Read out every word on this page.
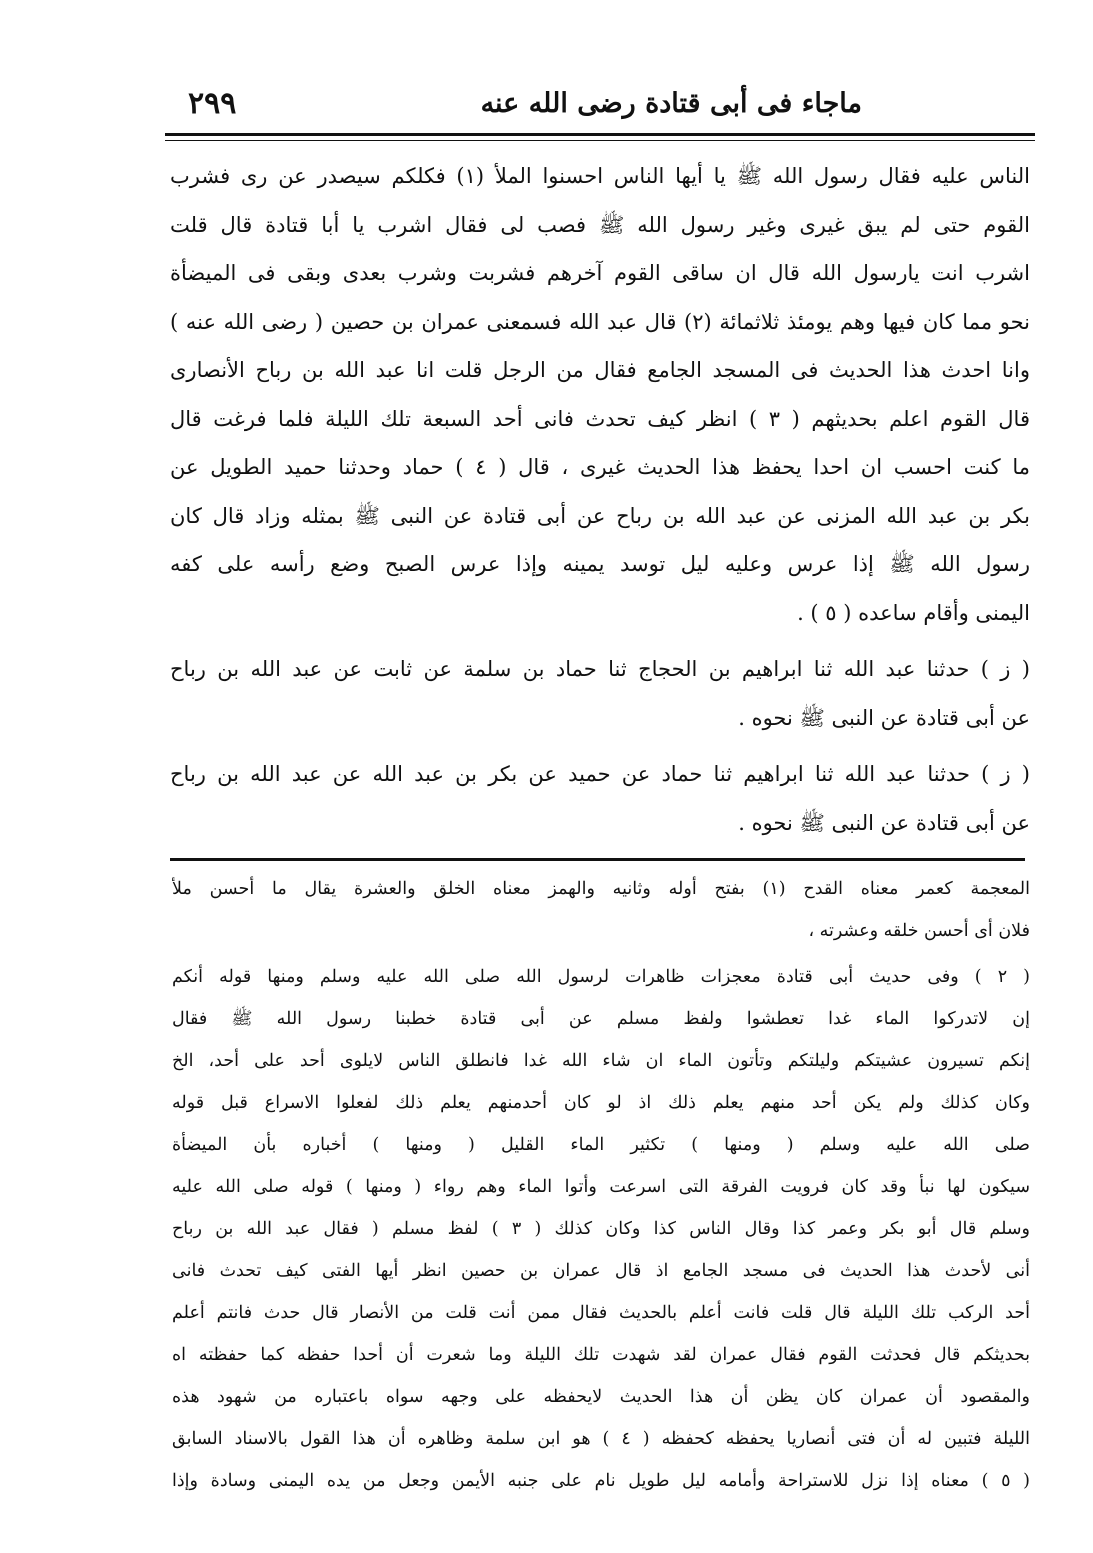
ماجاء فى أبى قتادة رضى الله عنه
٢٩٩
الناس عليه فقال رسول الله ﷺ يا أيها الناس احسنوا الملأ (١) فكلكم سيصدر عن رى فشرب
القوم حتى لم يبق غيرى وغير رسول الله ﷺ فصب لى فقال اشرب يا أبا قتادة قال قلت
اشرب انت يارسول الله قال ان ساقى القوم آخرهم فشربت وشرب بعدى وبقى فى الميضأة
نحو مما كان فيها وهم يومئذ ثلاثمائة (٢) قال عبد الله فسمعنى عمران بن حصين ( رضى الله عنه )
وانا احدث هذا الحديث فى المسجد الجامع فقال من الرجل قلت انا عبد الله بن رباح الأنصارى
قال القوم اعلم بحديثهم ( ٣ ) انظر كيف تحدث فانى أحد السبعة تلك الليلة فلما فرغت قال
ما كنت احسب ان احدا يحفظ هذا الحديث غيرى ، قال ( ٤ ) حماد وحدثنا حميد الطويل عن
بكر بن عبد الله المزنى عن عبد الله بن رباح عن أبى قتادة عن النبى ﷺ بمثله وزاد قال كان
رسول الله ﷺ إذا عرس وعليه ليل توسد يمينه وإذا عرس الصبح وضع رأسه على كفه
اليمنى وأقام ساعده ( ٥ ) .
( ز ) حدثنا عبد الله ثنا ابراهيم بن الحجاج ثنا حماد بن سلمة عن ثابت عن عبد الله بن رباح
عن أبى قتادة عن النبى ﷺ نحوه .
( ز ) حدثنا عبد الله ثنا ابراهيم ثنا حماد عن حميد عن بكر بن عبد الله عن عبد الله بن رباح
عن أبى قتادة عن النبى ﷺ نحوه .
المعجمة كعمر معناه القدح (١) بفتح أوله وثانيه والهمز معناه الخلق والعشرة يقال ما أحسن ملأ
فلان أى أحسن خلقه وعشرته ،
( ٢ ) وفى حديث أبى قتادة معجزات ظاهرات لرسول الله صلى الله عليه وسلم ومنها قوله أنكم
إن لاتدركوا الماء غدا تعطشوا ولفظ مسلم عن أبى قتادة خطبنا رسول الله ﷺ فقال
إنكم تسيرون عشيتكم وليلتكم وتأتون الماء ان شاء الله غدا فانطلق الناس لايلوى أحد على أحد، الخ
وكان كذلك ولم يكن أحد منهم يعلم ذلك اذ لو كان أحدمنهم يعلم ذلك لفعلوا الاسراع قبل قوله
صلى الله عليه وسلم ( ومنها ) تكثير الماء القليل ( ومنها ) أخباره بأن الميضأة
سيكون لها نبأ وقد كان فرويت الفرقة التى اسرعت وأتوا الماء وهم رواء ( ومنها ) قوله صلى الله عليه
وسلم قال أبو بكر وعمر كذا وقال الناس كذا وكان كذلك ( ٣ ) لفظ مسلم ( فقال عبد الله بن رباح
أنى لأحدث هذا الحديث فى مسجد الجامع اذ قال عمران بن حصين انظر أيها الفتى كيف تحدث فانى
أحد الركب تلك الليلة قال قلت فانت أعلم بالحديث فقال ممن أنت قلت من الأنصار قال حدث فانتم أعلم
بحديثكم قال فحدثت القوم فقال عمران لقد شهدت تلك الليلة وما شعرت أن أحدا حفظه كما حفظته اه
والمقصود أن عمران كان يظن أن هذا الحديث لايحفظه على وجهه سواه باعتباره من شهود هذه
الليلة فتبين له أن فتى أنصاريا يحفظه كحفظه ( ٤ ) هو ابن سلمة وظاهره أن هذا القول بالاسناد السابق
( ٥ ) معناه إذا نزل للاستراحة وأمامه ليل طويل نام على جنبه الأيمن وجعل من يده اليمنى وسادة وإذا
